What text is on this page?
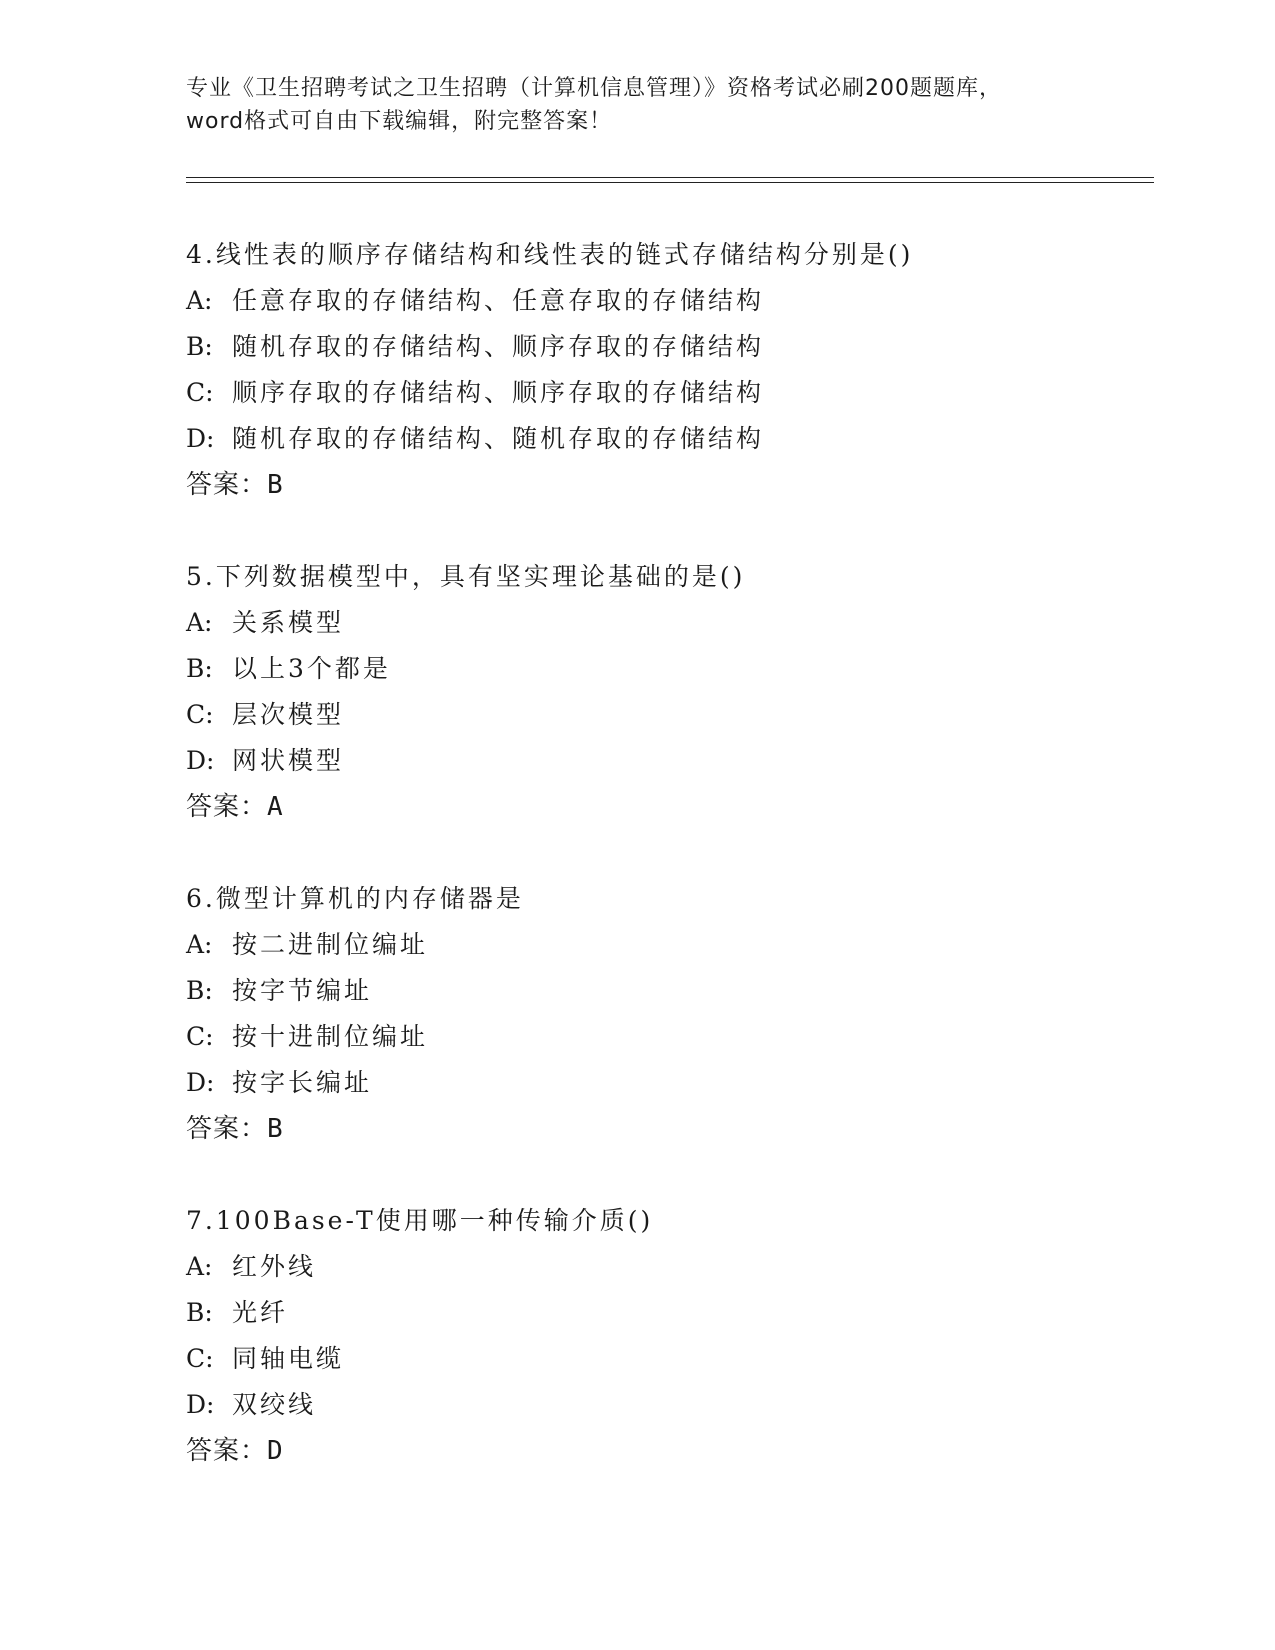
专业《卫生招聘考试之卫生招聘（计算机信息管理）》资格考试必刷200题题库，
word格式可自由下载编辑，附完整答案！
4.线性表的顺序存储结构和线性表的链式存储结构分别是()
A: 任意存取的存储结构、任意存取的存储结构
B: 随机存取的存储结构、顺序存取的存储结构
C: 顺序存取的存储结构、顺序存取的存储结构
D: 随机存取的存储结构、随机存取的存储结构
答案：B
5.下列数据模型中，具有坚实理论基础的是()
A: 关系模型
B: 以上3个都是
C: 层次模型
D: 网状模型
答案：A
6.微型计算机的内存储器是
A: 按二进制位编址
B: 按字节编址
C: 按十进制位编址
D: 按字长编址
答案：B
7.100Base-T使用哪一种传输介质()
A: 红外线
B: 光纤
C: 同轴电缆
D: 双绞线
答案：D
